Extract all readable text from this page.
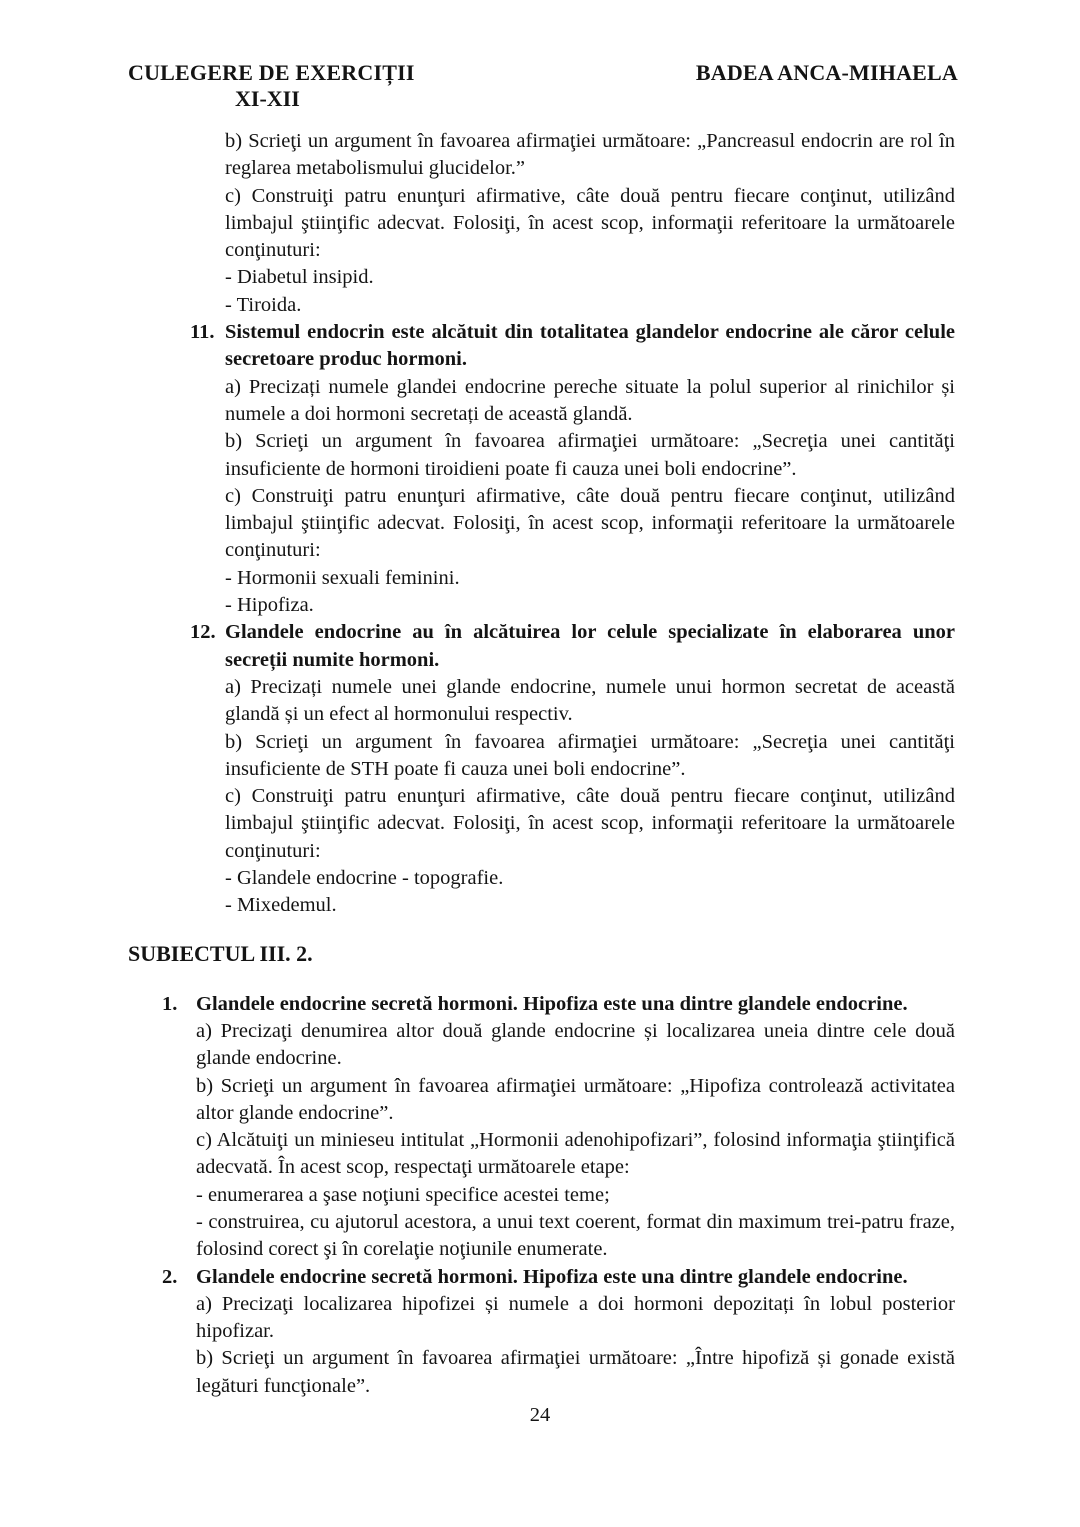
CULEGERE DE EXERCIȚII
XI-XII
BADEA ANCA-MIHAELA

b) Scrieţi un argument în favoarea afirmaţiei următoare: „Pancreasul endocrin are rol în reglarea metabolismului glucidelor.”

c) Construiţi patru enunţuri afirmative, câte două pentru fiecare conţinut, utilizând limbajul ştiinţific adecvat. Folosiţi, în acest scop, informaţii referitoare la următoarele conţinuturi:

- Diabetul insipid.

- Tiroida.

11. Sistemul endocrin este alcătuit din totalitatea glandelor endocrine ale căror celule secretoare produc hormoni.

a) Precizați numele glandei endocrine pereche situate la polul superior al rinichilor și numele a doi hormoni secretați de această glandă.

b) Scrieţi un argument în favoarea afirmaţiei următoare: „Secreţia unei cantităţi insuficiente de hormoni tiroidieni poate fi cauza unei boli endocrine”.

c) Construiţi patru enunţuri afirmative, câte două pentru fiecare conţinut, utilizând limbajul ştiinţific adecvat. Folosiţi, în acest scop, informaţii referitoare la următoarele conţinuturi:

- Hormonii sexuali feminini.

- Hipofiza.

12. Glandele endocrine au în alcătuirea lor celule specializate în elaborarea unor secreții numite hormoni.

a) Precizați numele unei glande endocrine, numele unui hormon secretat de această glandă și un efect al hormonului respectiv.

b) Scrieţi un argument în favoarea afirmaţiei următoare: „Secreţia unei cantităţi insuficiente de STH poate fi cauza unei boli endocrine”.

c) Construiţi patru enunţuri afirmative, câte două pentru fiecare conţinut, utilizând limbajul ştiinţific adecvat. Folosiţi, în acest scop, informaţii referitoare la următoarele conţinuturi:

- Glandele endocrine - topografie.

- Mixedemul.

SUBIECTUL III. 2.
1. Glandele endocrine secretă hormoni. Hipofiza este una dintre glandele endocrine.

a) Precizaţi denumirea altor două glande endocrine și localizarea uneia dintre cele două glande endocrine.

b) Scrieţi un argument în favoarea afirmaţiei următoare: „Hipofiza controlează activitatea altor glande endocrine”.

c) Alcătuiţi un minieseu intitulat „Hormonii adenohipofizari”, folosind informaţia ştiinţifică adecvată. În acest scop, respectaţi următoarele etape:

- enumerarea a şase noţiuni specifice acestei teme;

- construirea, cu ajutorul acestora, a unui text coerent, format din maximum trei-patru fraze, folosind corect şi în corelaţie noţiunile enumerate.

2. Glandele endocrine secretă hormoni. Hipofiza este una dintre glandele endocrine.

a) Precizaţi localizarea hipofizei și numele a doi hormoni depozitați în lobul posterior hipofizar.

b) Scrieţi un argument în favoarea afirmaţiei următoare: „Între hipofiză și gonade există legături funcţionale”.

24
